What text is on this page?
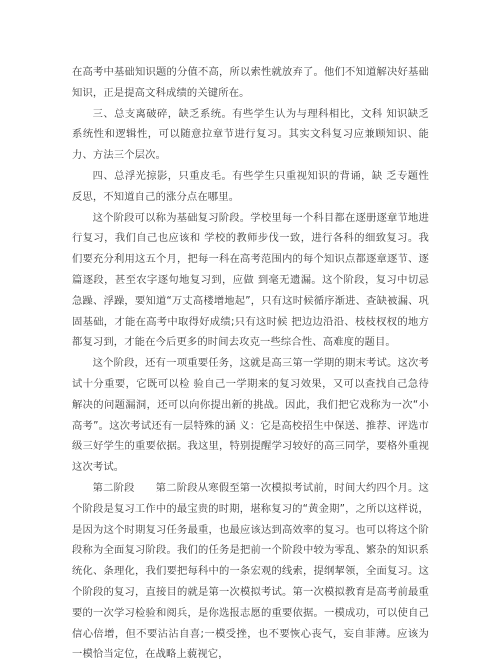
在高考中基础知识题的分值不高，所以索性就放弃了。他们不知道解决好基础知识，正是提高文科成绩的关键所在。

三、总支离破碎，缺乏系统。有些学生认为与理科相比，文科 知识缺乏系统性和逻辑性，可以随意拉章节进行复习。其实文科复习应兼顾知识、能力、方法三个层次。

四、总浮光掠影，只重皮毛。有些学生只重视知识的背诵，缺 乏专题性反思，不知道自己的涨分点在哪里。

这个阶段可以称为基础复习阶段。学校里每一个科目都在逐册逐章节地进行复习，我们自己也应该和 学校的教师步伐一致，进行各科的细致复习。我们要充分利用这五个月，把每一科在高考范围内的每个知识点都逐章逐节、逐篇逐段，甚至农字逐句地复习到，应做 到毫无遗漏。这个阶段，复习中切忌急躁、浮躁，要知道“万丈高楼增地起”，只有这时候循序渐进、查缺被漏、巩固基础，才能在高考中取得好成绩;只有这时候 把边边沿沿、枝枝杈杈的地方都复习到，才能在今后更多的时间去攻克一些综合性、高难度的题目。

这个阶段，还有一项重要任务，这就是高三第一学期的期末考试。这次考试十分重要，它既可以检 验自己一学期来的复习效果，又可以查找自己急待解决的问题漏洞，还可以向你提出新的挑战。因此，我们把它戏称为一次“小高考”。这次考试还有一层特殊的涵 义：它是高校招生中保送、推荐、评选市级三好学生的重要依据。我这里，特别提醒学习较好的高三同学，要格外重视这次考试。

第二阶段　　第二阶段从寒假至第一次模拟考试前，时间大约四个月。这 个阶段是复习工作中的最宝贵的时期，堪称复习的“黄金期”，之所以这样说，是因为这个时期复习任务最重，也最应该达到高效率的复习。也可以将这个阶段称为全面复习阶段。我们的任务是把前一个阶段中较为零乱、繁杂的知识系统化、条理化，我们要把每科中的一条宏观的线索，提纲挈领，全面复习。这个阶段的复习，直接目的就是第一次模拟考试。第一次模拟教育是高考前最重要的一次学习检验和阅兵，是你选报志愿的重要依据。一模成功，可以使自己信心倍增，但不要沾沾自喜;一模受挫，也不要恢心丧气，妄自菲薄。应该为一模恰当定位，在战略上藐视它，
